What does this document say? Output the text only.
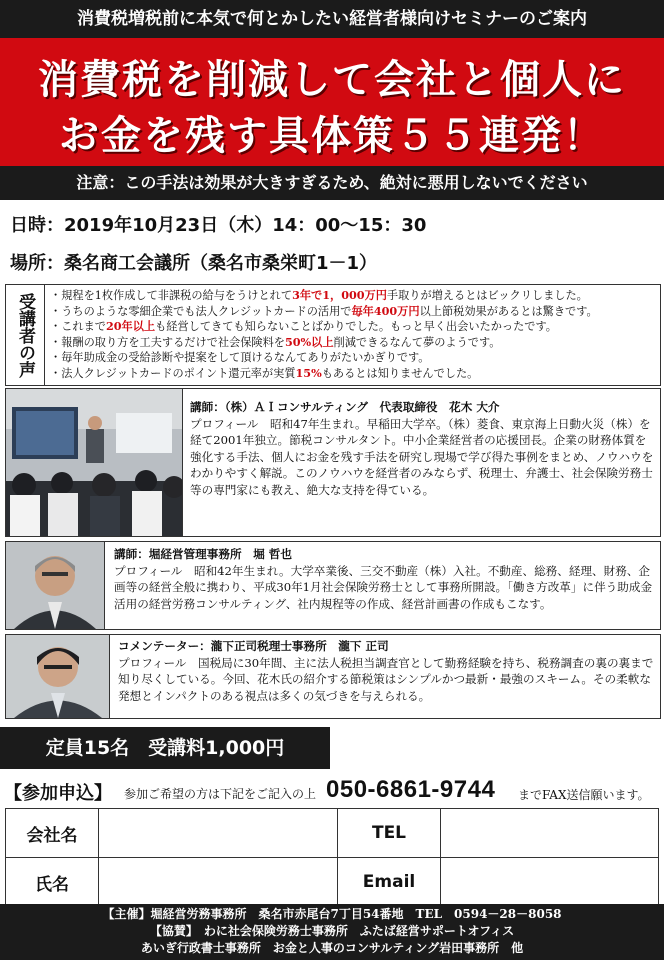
消費税増税前に本気で何とかしたい経営者様向けセミナーのご案内
消費税を削減して会社と個人に
お金を残す具体策５５連発！
注意：この手法は効果が大きすぎるため、絶対に悪用しないでください
日時：2019年10月23日（木）14：00～15：30
場所：桑名商工会議所（桑名市桑栄町1－1）
受講者の声	・規程を1枚作成して非課税の給与をうけとれて3年で1，000万円手取りが増えるとはビックリしました。
・うちのような零細企業でも法人クレジットカードの活用で毎年400万円以上節税効果があるとは驚きです。
・これまで20年以上も経営してきても知らないことばかりでした。もっと早く出会いたかったです。
・報酬の取り方を工夫するだけで社会保険料を50%以上削減できるなんて夢のようです。
・毎年助成金の受給診断や提案をして頂けるなんてありがたいかぎりです。
・法人クレジットカードのポイント還元率が実質15%もあるとは知りませんでした。
講師：（株）ＡＩコンサルティング　代表取締役　花木 大介
プロフィール　昭和47年生まれ。早稲田大学卒。（株）菱食、東京海上日動火災（株）を経て2001年独立。節税コンサルタント。中小企業経営者の応援団長。企業の財務体質を強化する手法、個人にお金を残す手法を研究し現場で学び得た事例をまとめ、ノウハウをわかりやすく解説。このノウハウを経営者のみならず、税理士、弁護士、社会保険労務士等の専門家にも教え、絶大な支持を得ている。
講師：堀経営管理事務所　堀 哲也
プロフィール　昭和42年生まれ。大学卒業後、三交不動産（株）入社。不動産、総務、経理、財務、企画等の経営全般に携わり、平成30年1月社会保険労務士として事務所開設。「働き方改革」に伴う助成金活用の経営労務コンサルティング、社内規程等の作成、経営計画書の作成もこなす。
コメンテーター：瀧下正司税理士事務所　瀧下 正司
プロフィール　国税局に30年間、主に法人税担当調査官として勤務経験を持ち、税務調査の裏の裏まで知り尽くしている。今回、花木氏の紹介する節税策はシンプルかつ最新・最強のスキーム。その柔軟な発想とインパクトのある視点は多くの気づきを与えられる。
定員15名　受講料1,000円
【参加申込】 参加ご希望の方は下記をご記入の上 050-6861-9744 までFAX送信願います。
会社名		TEL	
氏名		Email	
【主催】堀経営労務事務所　桑名市赤尾台7丁目54番地　TEL　0594－28－8058
【協賛】　わに社会保険労務士事務所　ふたば経営サポートオフィス
あいぎ行政書士事務所　お金と人事のコンサルティング岩田事務所　他
